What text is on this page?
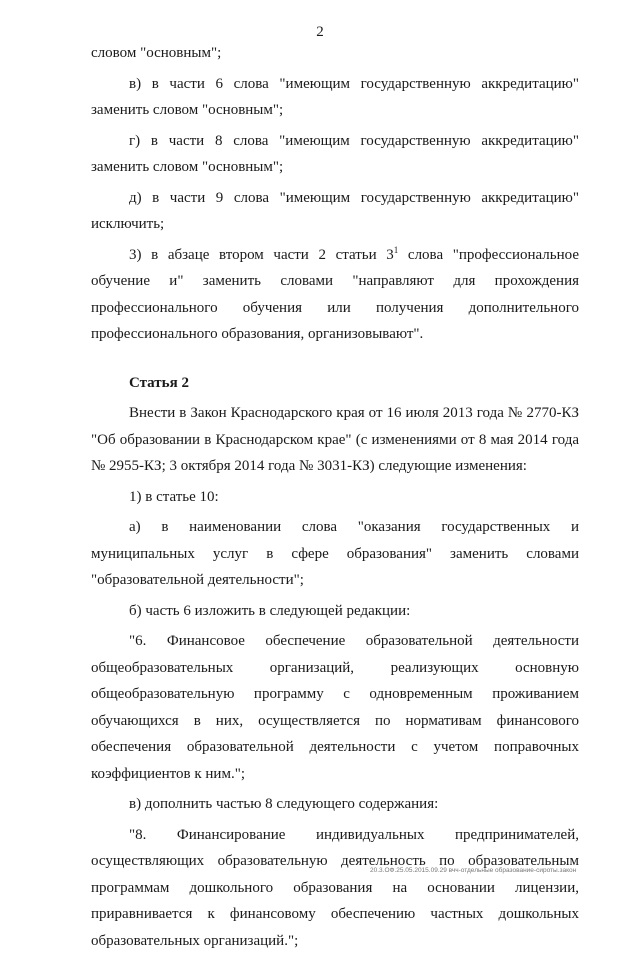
2

словом "основным";

в) в части 6 слова "имеющим государственную аккредитацию" заменить словом "основным";

г) в части 8 слова "имеющим государственную аккредитацию" заменить словом "основным";

д) в части 9 слова "имеющим государственную аккредитацию" исключить;

3) в абзаце втором части 2 статьи $3^1$ слова "профессиональное обучение и" заменить словами "направляют для прохождения профессионального обучения или получения дополнительного профессионального образования, организовывают".

Статья 2

Внести в Закон Краснодарского края от 16 июля 2013 года № 2770-КЗ "Об образовании в Краснодарском крае" (с изменениями от 8 мая 2014 года № 2955-КЗ; 3 октября 2014 года № 3031-КЗ) следующие изменения:

1) в статье 10:

а) в наименовании слова "оказания государственных и муниципальных услуг в сфере образования" заменить словами "образовательной деятельности";

б) часть 6 изложить в следующей редакции:

"6. Финансовое обеспечение образовательной деятельности общеобразовательных организаций, реализующих основную общеобразовательную программу с одновременным проживанием обучающихся в них, осуществляется по нормативам финансового обеспечения образовательной деятельности с учетом поправочных коэффициентов к ним.";

в) дополнить частью 8 следующего содержания:

"8. Финансирование индивидуальных предпринимателей, осуществляющих образовательную деятельность по образовательным программам дошкольного образования на основании лицензии, приравнивается к финансовому обеспечению частных дошкольных образовательных организаций.";

20.3.ОФ.25.05.2015.09.29 вчч-отдельные образование-сироты.закон
